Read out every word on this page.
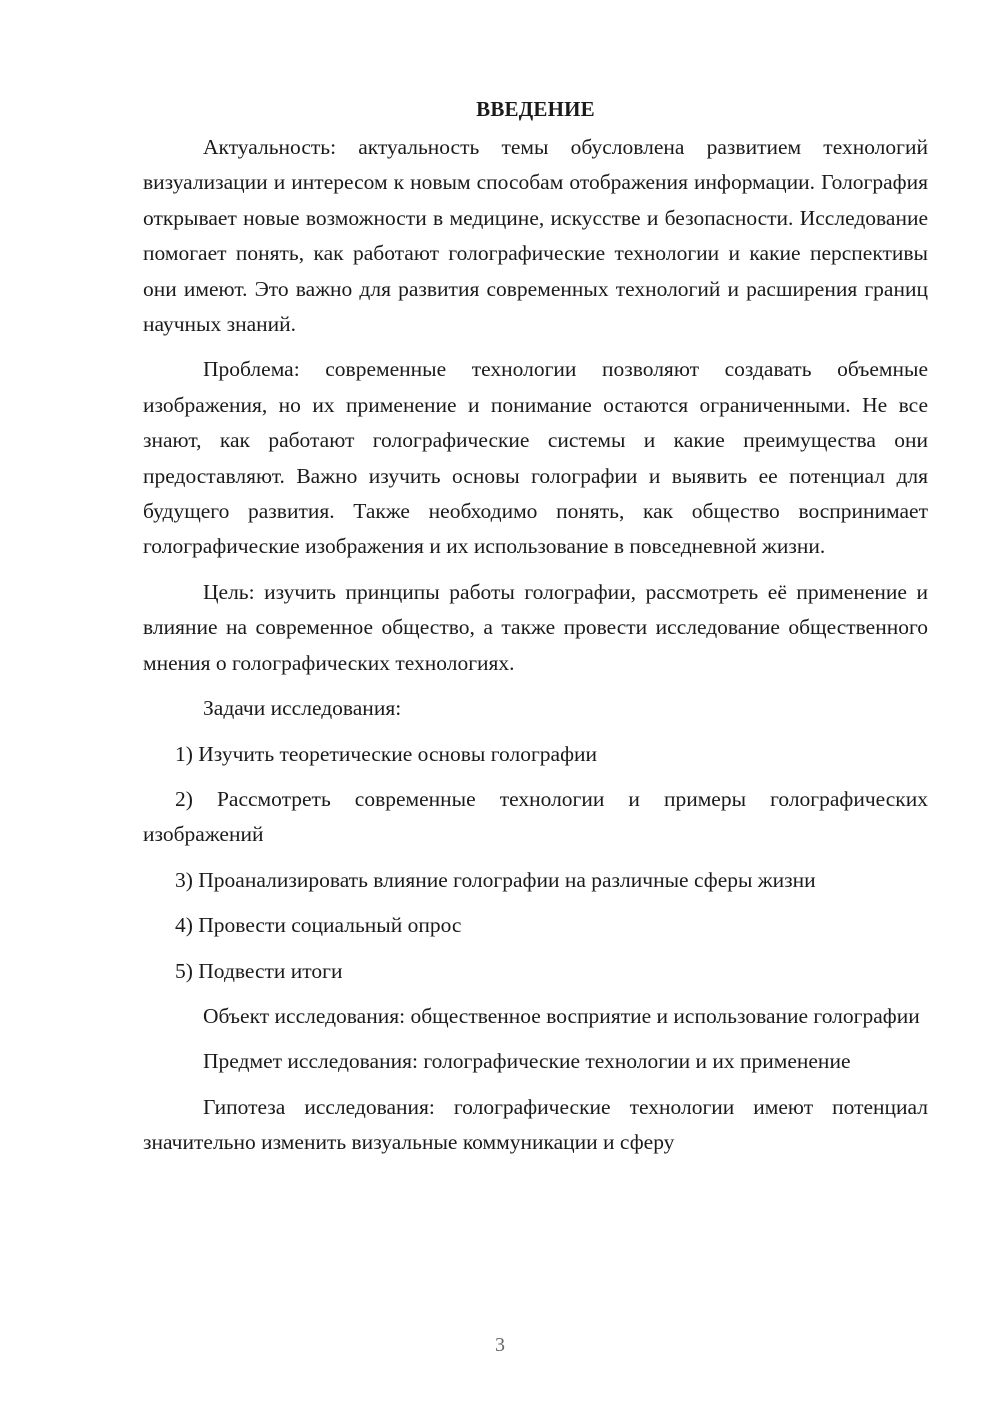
ВВЕДЕНИЕ

Актуальность: актуальность темы обусловлена развитием технологий визуализации и интересом к новым способам отображения информации. Голография открывает новые возможности в медицине, искусстве и безопасности. Исследование помогает понять, как работают голографические технологии и какие перспективы они имеют. Это важно для развития современных технологий и расширения границ научных знаний.

Проблема: современные технологии позволяют создавать объемные изображения, но их применение и понимание остаются ограниченными. Не все знают, как работают голографические системы и какие преимущества они предоставляют. Важно изучить основы голографии и выявить ее потенциал для будущего развития. Также необходимо понять, как общество воспринимает голографические изображения и их использование в повседневной жизни.

Цель: изучить принципы работы голографии, рассмотреть её применение и влияние на современное общество, а также провести исследование общественного мнения о голографических технологиях.

Задачи исследования:

1) Изучить теоретические основы голографии

2) Рассмотреть современные технологии и примеры голографических изображений

3) Проанализировать влияние голографии на различные сферы жизни

4) Провести социальный опрос

5) Подвести итоги

Объект исследования: общественное восприятие и использование голографии

Предмет исследования: голографические технологии и их применение

Гипотеза исследования: голографические технологии имеют потенциал значительно изменить визуальные коммуникации и сферу

3
